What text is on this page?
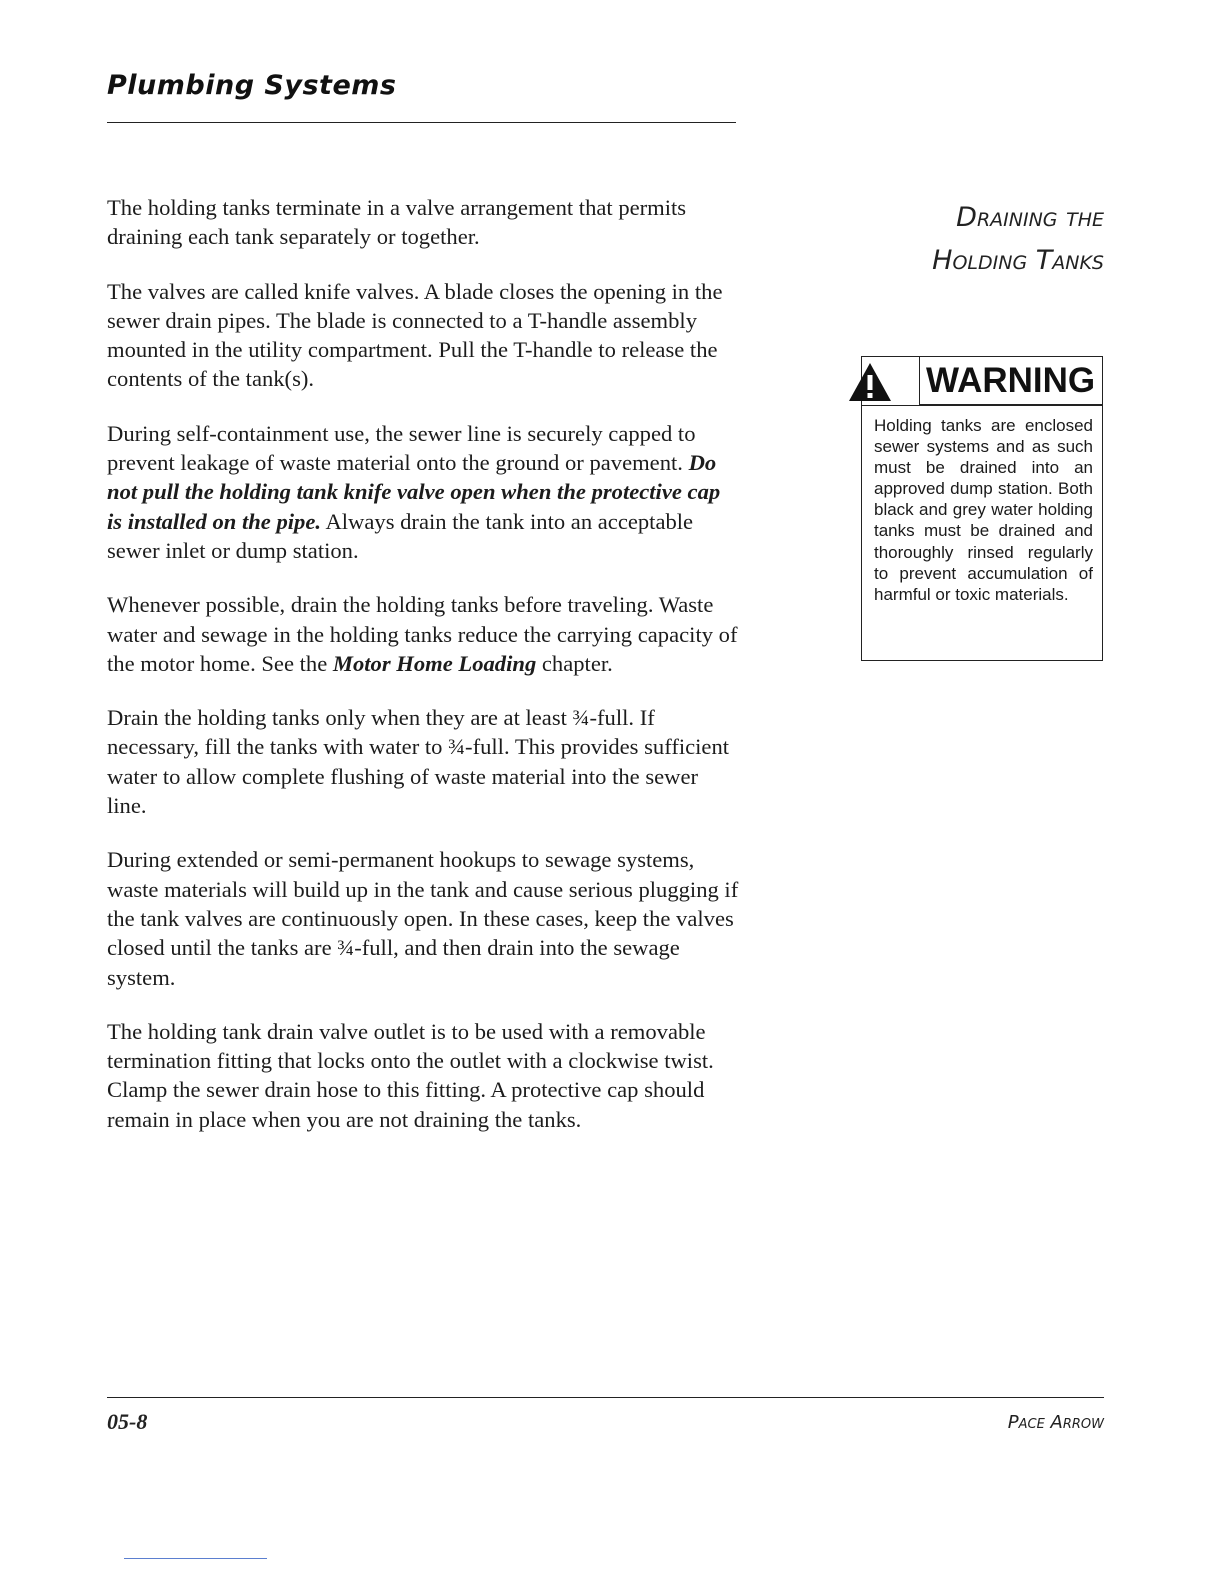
Plumbing Systems

The holding tanks terminate in a valve arrangement that permits draining each tank separately or together.

The valves are called knife valves. A blade closes the opening in the sewer drain pipes. The blade is connected to a T-handle assembly mounted in the utility compartment. Pull the T-handle to release the contents of the tank(s).

During self-containment use, the sewer line is securely capped to prevent leakage of waste material onto the ground or pavement. Do not pull the holding tank knife valve open when the protective cap is installed on the pipe. Always drain the tank into an acceptable sewer inlet or dump station.

Whenever possible, drain the holding tanks before traveling. Waste water and sewage in the holding tanks reduce the carrying capacity of the motor home. See the Motor Home Loading chapter.

Drain the holding tanks only when they are at least ¾-full. If necessary, fill the tanks with water to ¾-full. This provides sufficient water to allow complete flushing of waste material into the sewer line.

During extended or semi-permanent hookups to sewage systems, waste materials will build up in the tank and cause serious plugging if the tank valves are continuously open. In these cases, keep the valves closed until the tanks are ¾-full, and then drain into the sewage system.

The holding tank drain valve outlet is to be used with a removable termination fitting that locks onto the outlet with a clockwise twist. Clamp the sewer drain hose to this fitting. A protective cap should remain in place when you are not draining the tanks.

Draining the
Holding Tanks
WARNING
Holding tanks are enclosed sewer systems and as such must be drained into an approved dump station. Both black and grey water holding tanks must be drained and thoroughly rinsed regularly to prevent accumulation of harmful or toxic materials.
05-8	Pace Arrow
